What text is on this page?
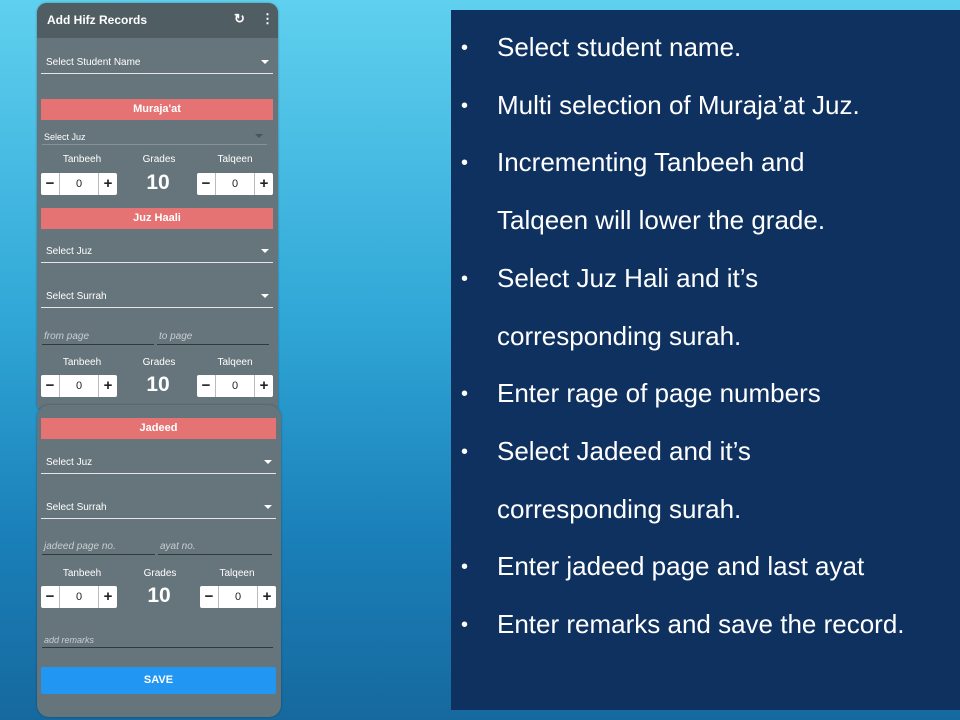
Add Hifz Records	↻ ⋮
Select Student Name
Muraja'at
Select Juz
Tanbeeh	Grades	Talqeen
−	0	+	10	−	0	+
Juz Haali
Select Juz
Select Surrah
from page	to page
Tanbeeh	Grades	Talqeen
−	0	+	10	−	0	+
Jadeed
Select Juz
Select Surrah
jadeed page no.	ayat no.
Tanbeeh	Grades	Talqeen
−	0	+	10	−	0	+
add remarks
SAVE
• Select student name.
• Multi selection of Muraja’at Juz.
• Incrementing Tanbeeh and
Talqeen will lower the grade.
• Select Juz Hali and it’s
corresponding surah.
• Enter rage of page numbers
• Select Jadeed and it’s
corresponding surah.
• Enter jadeed page and last ayat
• Enter remarks and save the record.
